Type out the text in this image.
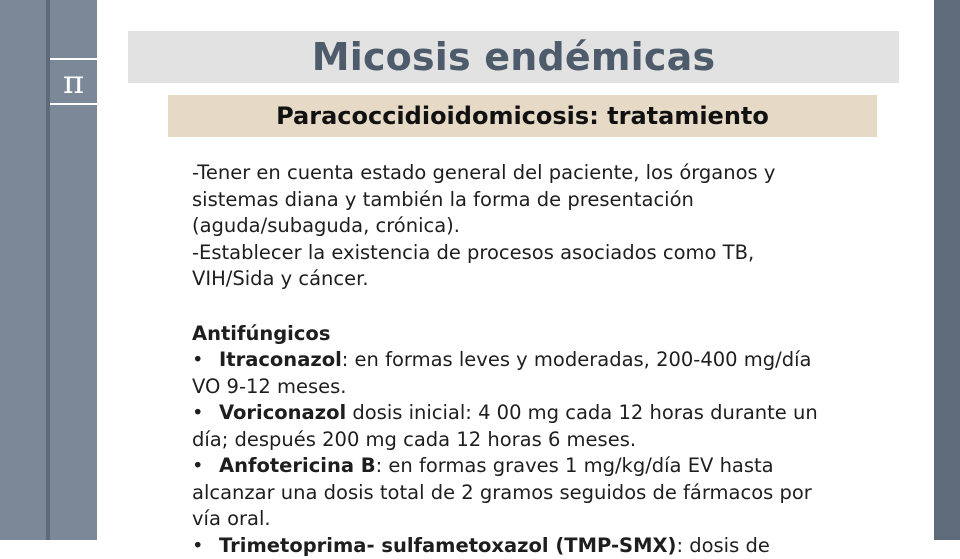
π
Micosis endémicas
Paracoccidioidomicosis: tratamiento

-Tener en cuenta estado general del paciente, los órganos y sistemas diana y también la forma de presentación (aguda/subaguda, crónica).

-Establecer la existencia de procesos asociados como TB, VIH/Sida y cáncer.

Antifúngicos

• Itraconazol: en formas leves y moderadas, 200-400 mg/día VO 9-12 meses.

• Voriconazol dosis inicial: 4 00 mg cada 12 horas durante un día; después 200 mg cada 12 horas 6 meses.

• Anfotericina B: en formas graves 1 mg/kg/día EV hasta alcanzar una dosis total de 2 gramos seguidos de fármacos por vía oral.

• Trimetoprima- sulfametoxazol (TMP-SMX): dosis de
